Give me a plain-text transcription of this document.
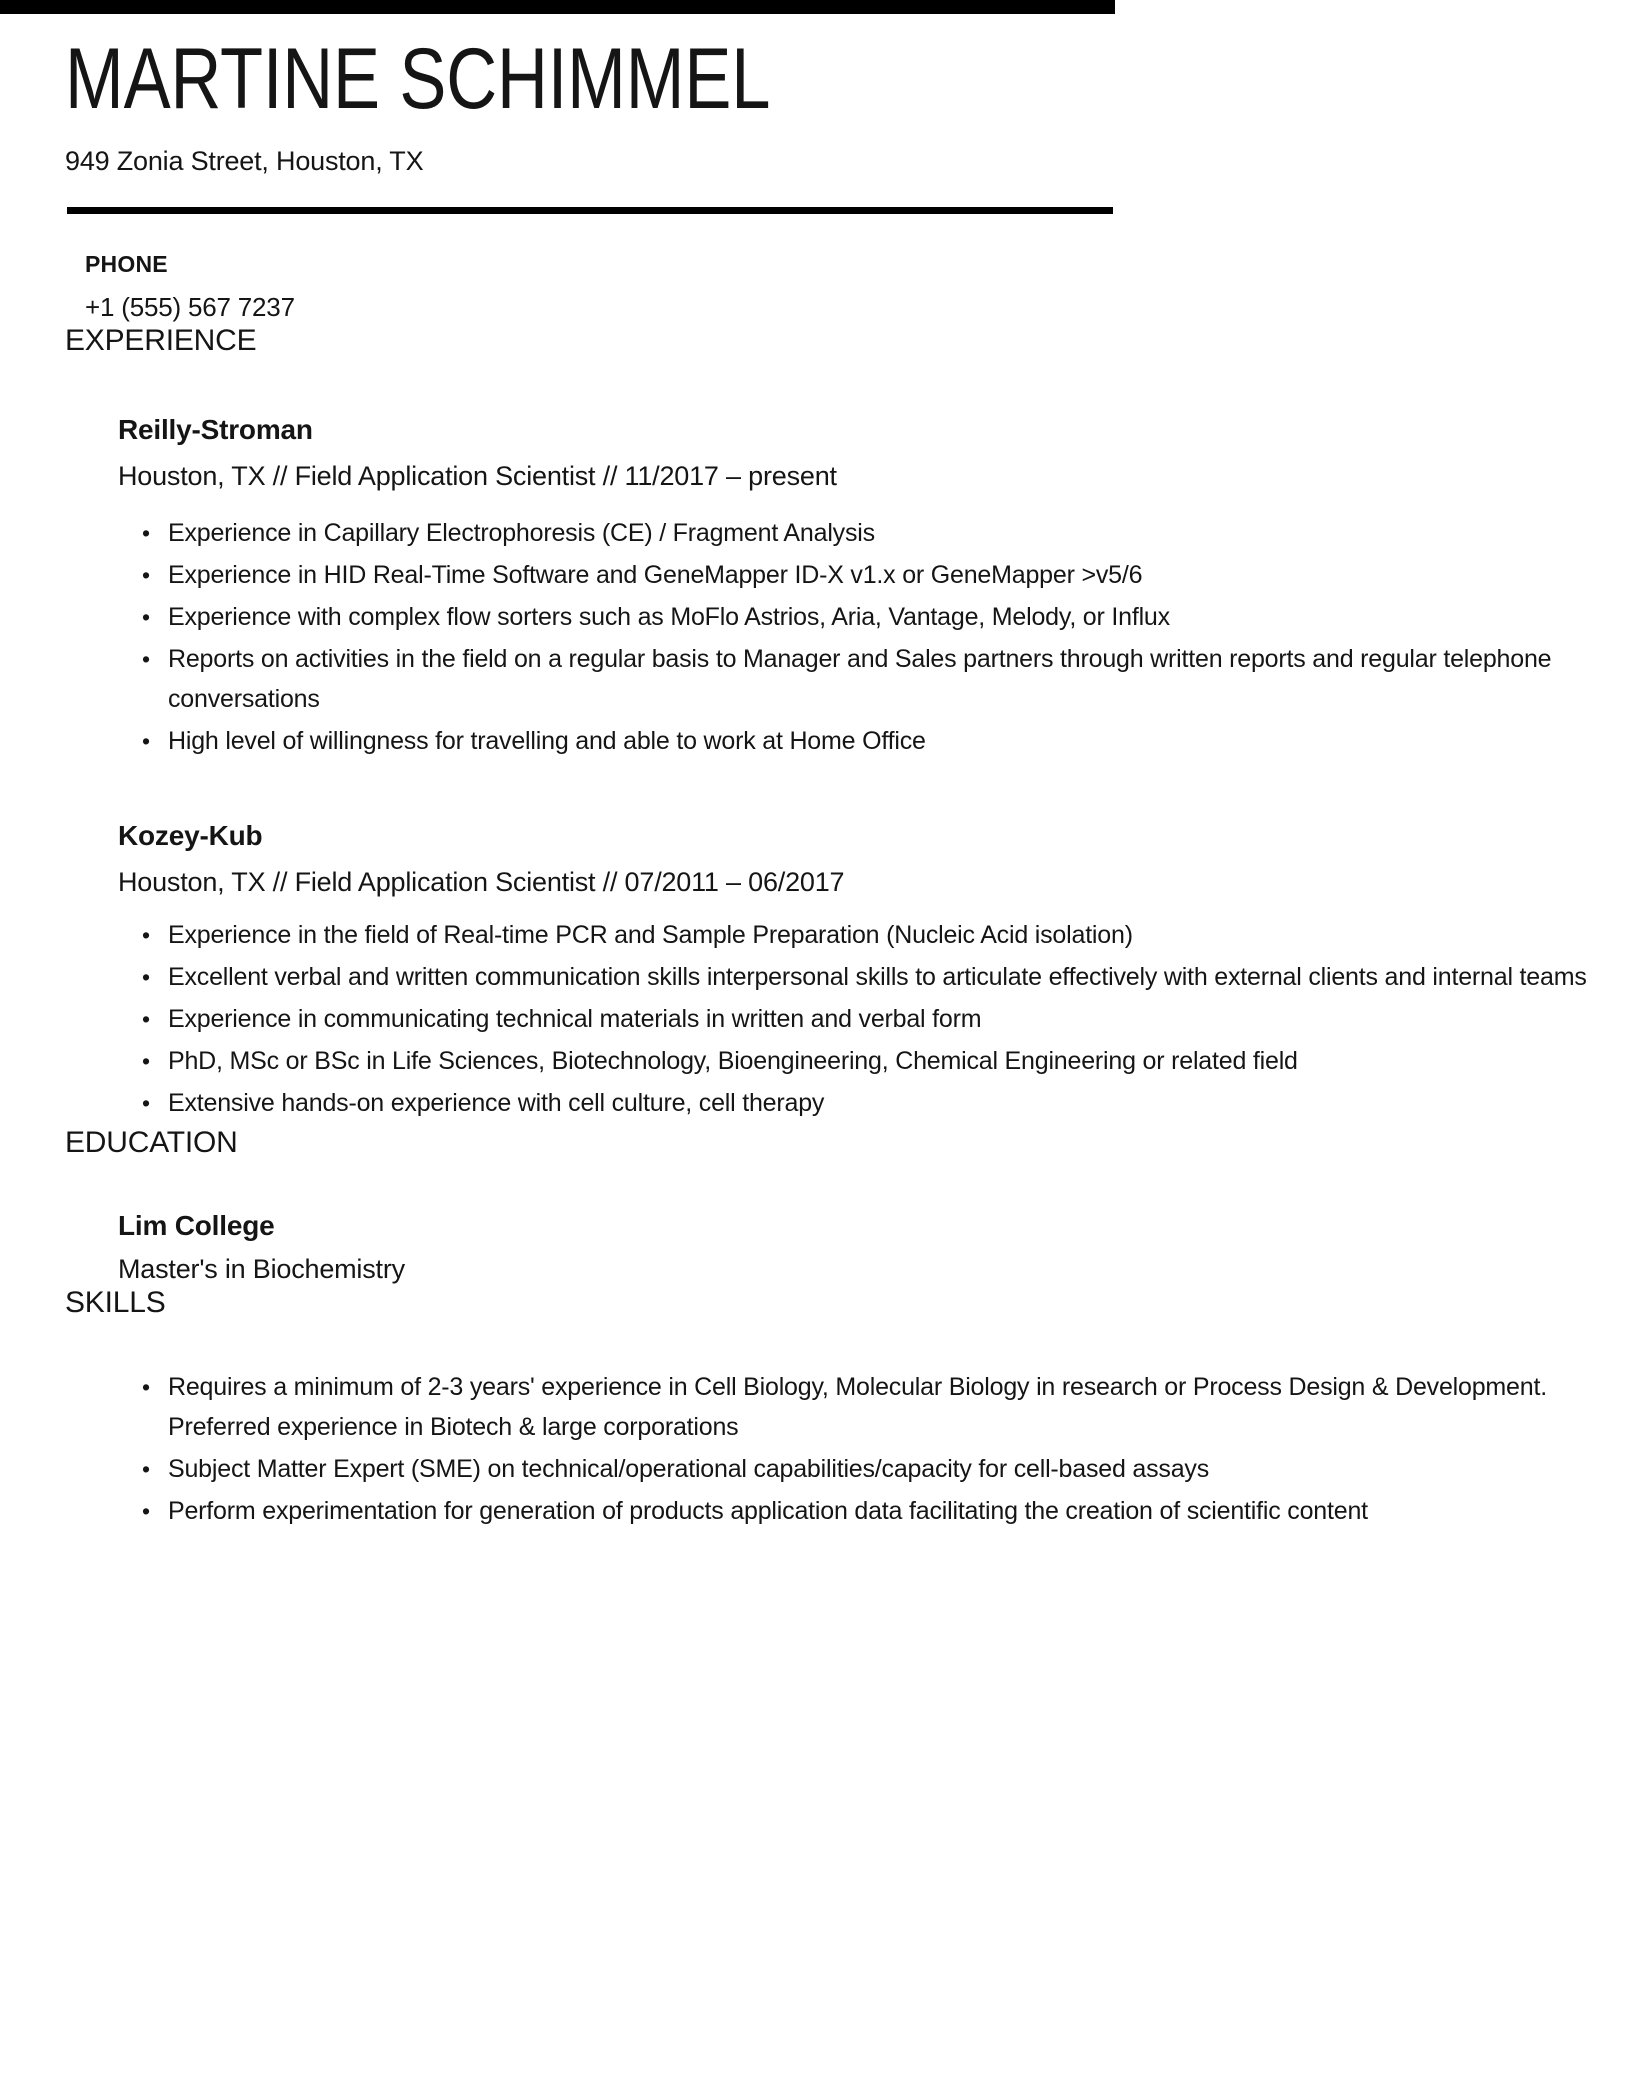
MARTINE SCHIMMEL
949 Zonia Street, Houston, TX
PHONE
+1 (555) 567 7237
EXPERIENCE
Reilly-Stroman
Houston, TX // Field Application Scientist // 11/2017 – present
• Experience in Capillary Electrophoresis (CE) / Fragment Analysis
• Experience in HID Real-Time Software and GeneMapper ID-X v1.x or GeneMapper >v5/6
• Experience with complex flow sorters such as MoFlo Astrios, Aria, Vantage, Melody, or Influx
• Reports on activities in the field on a regular basis to Manager and Sales partners through written reports and regular telephone conversations
• High level of willingness for travelling and able to work at Home Office
Kozey-Kub
Houston, TX // Field Application Scientist // 07/2011 – 06/2017
• Experience in the field of Real-time PCR and Sample Preparation (Nucleic Acid isolation)
• Excellent verbal and written communication skills interpersonal skills to articulate effectively with external clients and internal teams
• Experience in communicating technical materials in written and verbal form
• PhD, MSc or BSc in Life Sciences, Biotechnology, Bioengineering, Chemical Engineering or related field
• Extensive hands-on experience with cell culture, cell therapy
EDUCATION
Lim College
Master's in Biochemistry
SKILLS
• Requires a minimum of 2-3 years' experience in Cell Biology, Molecular Biology in research or Process Design & Development. Preferred experience in Biotech & large corporations
• Subject Matter Expert (SME) on technical/operational capabilities/capacity for cell-based assays
• Perform experimentation for generation of products application data facilitating the creation of scientific content
